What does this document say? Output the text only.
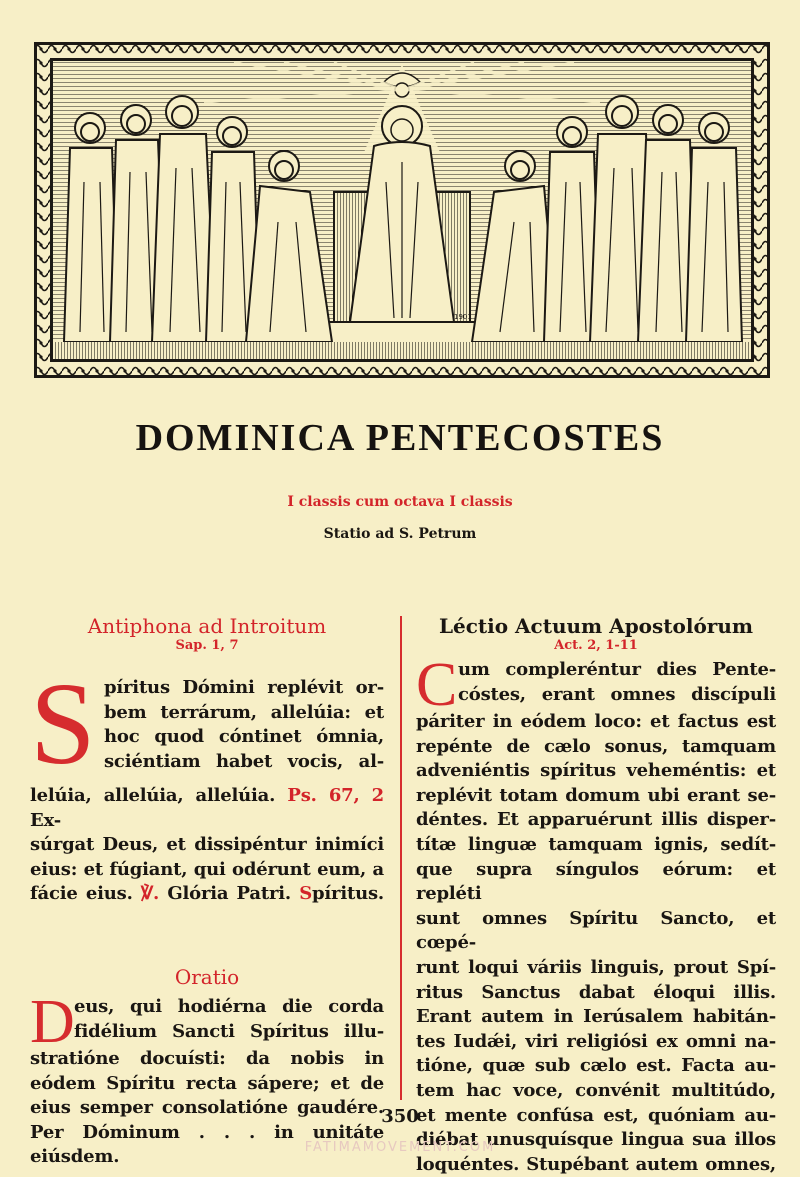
1901
DOMINICA PENTECOSTES
I classis cum octava I classis
Statio ad S. Petrum
Antiphona ad Introitum
Sap. 1, 7
S píritus Dómini replévit or-
bem terrárum, allelúia: et
hoc quod cóntinet ómnia,
sciéntiam habet vocis, al-
lelúia, allelúia, allelúia. Ps. 67, 2 Ex-
súrgat Deus, et dissipéntur inimíci
eius: et fúgiant, qui odérunt eum, a
fácie eius. ℣. Glória Patri. Spíritus.
Oratio
D eus, qui hodiérna die corda
fidélium Sancti Spíritus illu-
stratióne docuísti: da nobis in
eódem Spíritu recta sápere; et de
eius semper consolatióne gaudére.
Per Dóminum . . . in unitáte eiúsdem.
Léctio Actuum Apostolórum
Act. 2, 1-11
C um compleréntur dies Pente-
cóstes, erant omnes discípuli
páriter in eódem loco: et factus est
repénte de cælo sonus, tamquam
adveniéntis spíritus veheméntis: et
replévit totam domum ubi erant se-
déntes. Et apparuérunt illis disper-
títæ linguæ tamquam ignis, sedít-
que supra síngulos eórum: et repléti
sunt omnes Spíritu Sancto, et cœpé-
runt loqui váriis linguis, prout Spí-
ritus Sanctus dabat éloqui illis.
Erant autem in Ierúsalem habitán-
tes Iudǽi, viri religiósi ex omni na-
tióne, quæ sub cælo est. Facta au-
tem hac voce, convénit multitúdo,
et mente confúsa est, quóniam au-
diébat unusquísque lingua sua illos
loquéntes. Stupébant autem omnes,
350
FATIMAMOVEMENT.COM
